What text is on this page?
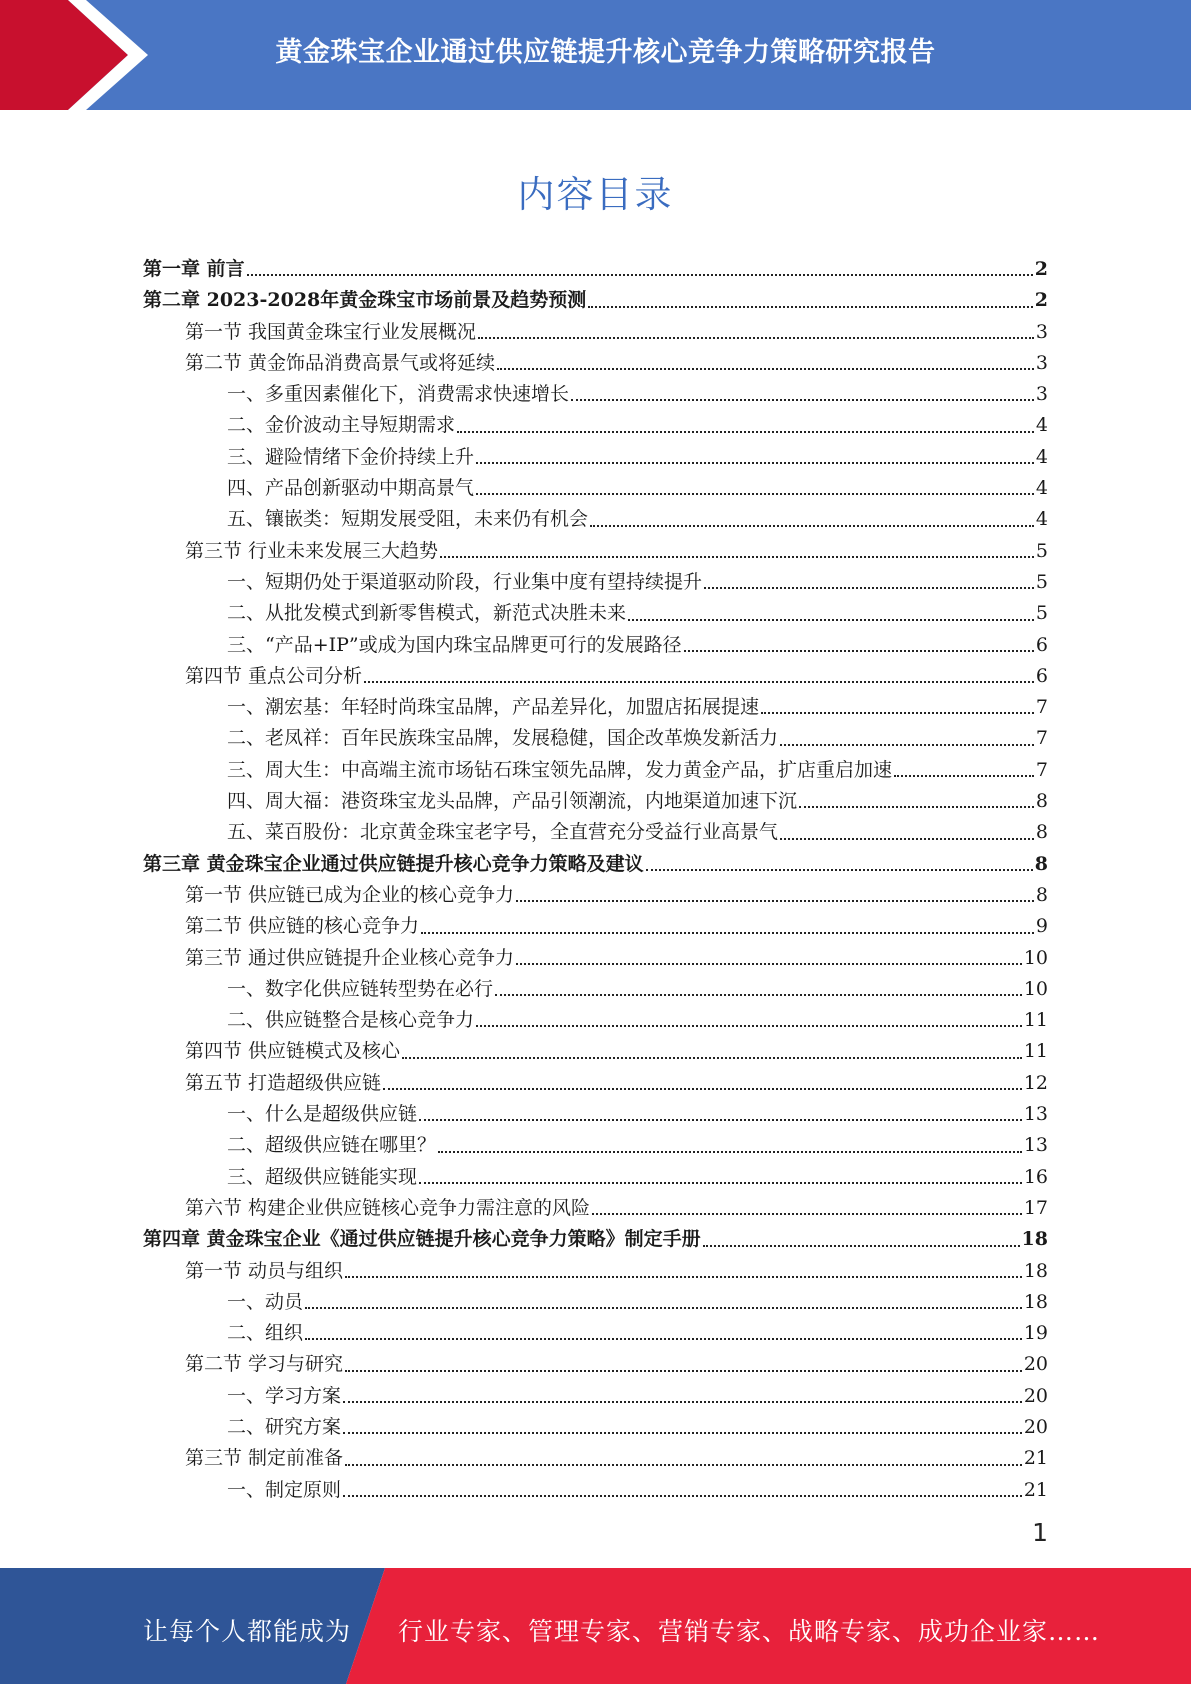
黄金珠宝企业通过供应链提升核心竞争力策略研究报告
内容目录
第一章 前言	2
第二章 2023-2028年黄金珠宝市场前景及趋势预测	2
第一节 我国黄金珠宝行业发展概况	3
第二节 黄金饰品消费高景气或将延续	3
一、多重因素催化下，消费需求快速增长	3
二、金价波动主导短期需求	4
三、避险情绪下金价持续上升	4
四、产品创新驱动中期高景气	4
五、镶嵌类：短期发展受阻，未来仍有机会	4
第三节 行业未来发展三大趋势	5
一、短期仍处于渠道驱动阶段，行业集中度有望持续提升	5
二、从批发模式到新零售模式，新范式决胜未来	5
三、“产品+IP”或成为国内珠宝品牌更可行的发展路径	6
第四节 重点公司分析	6
一、潮宏基：年轻时尚珠宝品牌，产品差异化，加盟店拓展提速	7
二、老凤祥：百年民族珠宝品牌，发展稳健，国企改革焕发新活力	7
三、周大生：中高端主流市场钻石珠宝领先品牌，发力黄金产品，扩店重启加速	7
四、周大福：港资珠宝龙头品牌，产品引领潮流，内地渠道加速下沉	8
五、菜百股份：北京黄金珠宝老字号，全直营充分受益行业高景气	8
第三章 黄金珠宝企业通过供应链提升核心竞争力策略及建议	8
第一节 供应链已成为企业的核心竞争力	8
第二节 供应链的核心竞争力	9
第三节 通过供应链提升企业核心竞争力	10
一、数字化供应链转型势在必行	10
二、供应链整合是核心竞争力	11
第四节 供应链模式及核心	11
第五节 打造超级供应链	12
一、什么是超级供应链	13
二、超级供应链在哪里？	13
三、超级供应链能实现	16
第六节 构建企业供应链核心竞争力需注意的风险	17
第四章 黄金珠宝企业《通过供应链提升核心竞争力策略》制定手册	18
第一节 动员与组织	18
一、动员	18
二、组织	19
第二节 学习与研究	20
一、学习方案	20
二、研究方案	20
第三节 制定前准备	21
一、制定原则	21
1
让每个人都能成为 行业专家、管理专家、营销专家、战略专家、成功企业家……
